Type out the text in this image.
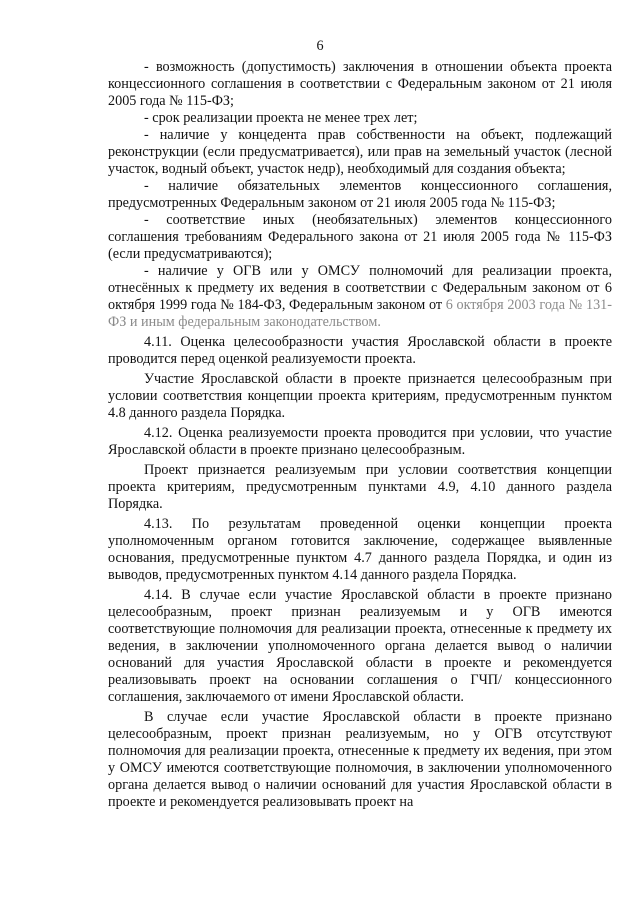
6

- возможность (допустимость) заключения в отношении объекта проекта концессионного соглашения в соответствии с Федеральным законом от 21 июля 2005 года № 115-ФЗ;

- срок реализации проекта не менее трех лет;

- наличие у концедента прав собственности на объект, подлежащий реконструкции (если предусматривается), или прав на земельный участок (лесной участок, водный объект, участок недр), необходимый для создания объекта;

- наличие обязательных элементов концессионного соглашения, предусмотренных Федеральным законом от 21 июля 2005 года № 115-ФЗ;

- соответствие иных (необязательных) элементов концессионного соглашения требованиям Федерального закона от 21 июля 2005 года № 115-ФЗ (если предусматриваются);

- наличие у ОГВ или у ОМСУ полномочий для реализации проекта, отнесённых к предмету их ведения в соответствии с Федеральным законом от 6 октября 1999 года № 184-ФЗ, Федеральным законом от 6 октября 2003 года № 131-ФЗ и иным федеральным законодательством.

4.11. Оценка целесообразности участия Ярославской области в проекте проводится перед оценкой реализуемости проекта.

Участие Ярославской области в проекте признается целесообразным при условии соответствия концепции проекта критериям, предусмотренным пунктом 4.8 данного раздела Порядка.

4.12. Оценка реализуемости проекта проводится при условии, что участие Ярославской области в проекте признано целесообразным.

Проект признается реализуемым при условии соответствия концепции проекта критериям, предусмотренным пунктами 4.9, 4.10 данного раздела Порядка.

4.13. По результатам проведенной оценки концепции проекта уполномоченным органом готовится заключение, содержащее выявленные основания, предусмотренные пунктом 4.7 данного раздела Порядка, и один из выводов, предусмотренных пунктом 4.14 данного раздела Порядка.

4.14. В случае если участие Ярославской области в проекте признано целесообразным, проект признан реализуемым и у ОГВ имеются соответствующие полномочия для реализации проекта, отнесенные к предмету их ведения, в заключении уполномоченного органа делается вывод о наличии оснований для участия Ярославской области в проекте и рекомендуется реализовывать проект на основании соглашения о ГЧП/ концессионного соглашения, заключаемого от имени Ярославской области.

В случае если участие Ярославской области в проекте признано целесообразным, проект признан реализуемым, но у ОГВ отсутствуют полномочия для реализации проекта, отнесенные к предмету их ведения, при этом у ОМСУ имеются соответствующие полномочия, в заключении уполномоченного органа делается вывод о наличии оснований для участия Ярославской области в проекте и рекомендуется реализовывать проект на
